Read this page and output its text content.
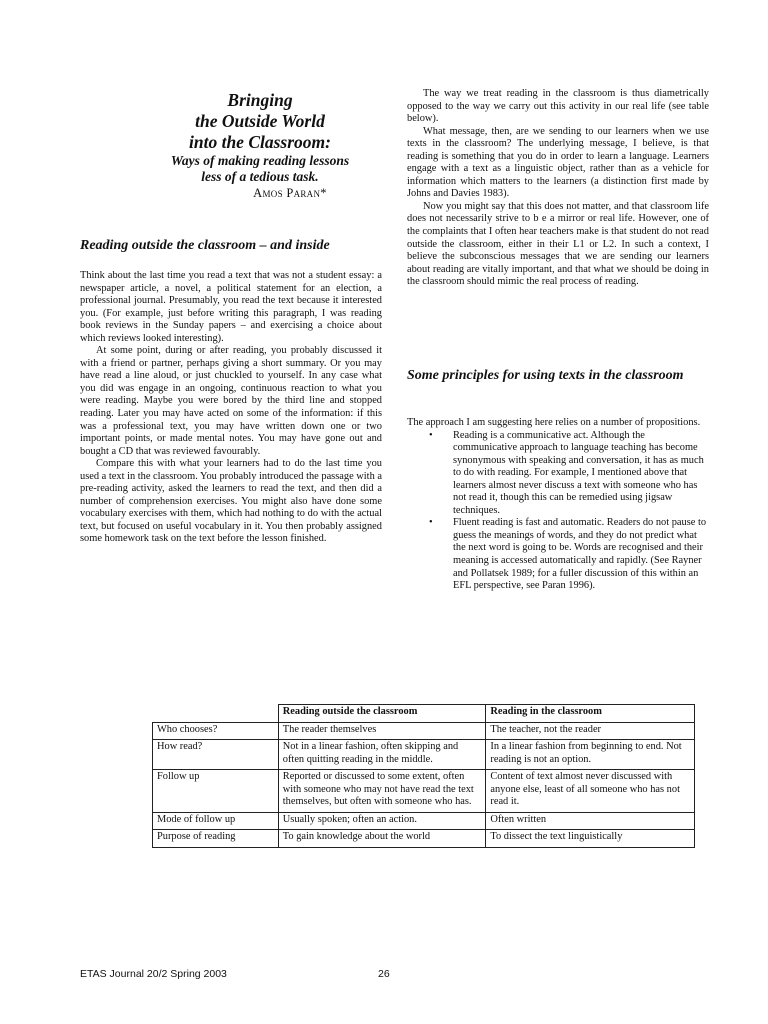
Bringing
the Outside World
into the Classroom:
Ways of making reading lessons
less of a tedious task.
Amos Paran*
Reading outside the classroom – and inside

Think about the last time you read a text that was not a student essay: a newspaper article, a novel, a political statement for an election, a professional journal. Presumably, you read the text because it interested you. (For example, just before writing this paragraph, I was reading book reviews in the Sunday papers – and exercising a choice about which reviews looked interesting).

At some point, during or after reading, you probably discussed it with a friend or partner, perhaps giving a short summary. Or you may have read a line aloud, or just chuckled to yourself. In any case what you did was engage in an ongoing, continuous reaction to what you were reading. Maybe you were bored by the third line and stopped reading. Later you may have acted on some of the information: if this was a professional text, you may have written down one or two important points, or made mental notes. You may have gone out and bought a CD that was reviewed favourably.

Compare this with what your learners had to do the last time you used a text in the classroom. You probably introduced the passage with a pre-reading activity, asked the learners to read the text, and then did a number of comprehension exercises. You might also have done some vocabulary exercises with them, which had nothing to do with the actual text, but focused on useful vocabulary in it. You then probably assigned some homework task on the text before the lesson finished.

The way we treat reading in the classroom is thus diametrically opposed to the way we carry out this activity in our real life (see table below).

What message, then, are we sending to our learners when we use texts in the classroom? The underlying message, I believe, is that reading is something that you do in order to learn a language. Learners engage with a text as a linguistic object, rather than as a vehicle for information which matters to the learners (a distinction first made by Johns and Davies 1983).

Now you might say that this does not matter, and that classroom life does not necessarily strive to b e a mirror or real life. However, one of the complaints that I often hear teachers make is that student do not read outside the classroom, either in their L1 or L2. In such a context, I believe the subconscious messages that we are sending our learners about reading are vitally important, and that what we should be doing in the classroom should mimic the real process of reading.

Some principles for using texts in the classroom

The approach I am suggesting here relies on a number of propositions.

• Reading is a communicative act. Although the communicative approach to language teaching has become synonymous with speaking and conversation, it has as much to do with reading. For example, I mentioned above that learners almost never discuss a text with someone who has not read it, though this can be remedied using jigsaw techniques.
• Fluent reading is fast and automatic. Readers do not pause to guess the meanings of words, and they do not predict what the next word is going to be. Words are recognised and their meaning is accessed automatically and rapidly. (See Rayner and Pollatsek 1989; for a fuller discussion of this within an EFL perspective, see Paran 1996).
	Reading outside the classroom	Reading in the classroom
Who chooses?	The reader themselves	The teacher, not the reader
How read?	Not in a linear fashion, often skipping and often quitting reading in the middle.	In a linear fashion from beginning to end. Not reading is not an option.
Follow up	Reported or discussed to some extent, often with someone who may not have read the text themselves, but often with someone who has.	Content of text almost never discussed with anyone else, least of all someone who has not read it.
Mode of follow up	Usually spoken; often an action.	Often written
Purpose of reading	To gain knowledge about the world	To dissect the text linguistically
ETAS Journal 20/2 Spring 2003	26
